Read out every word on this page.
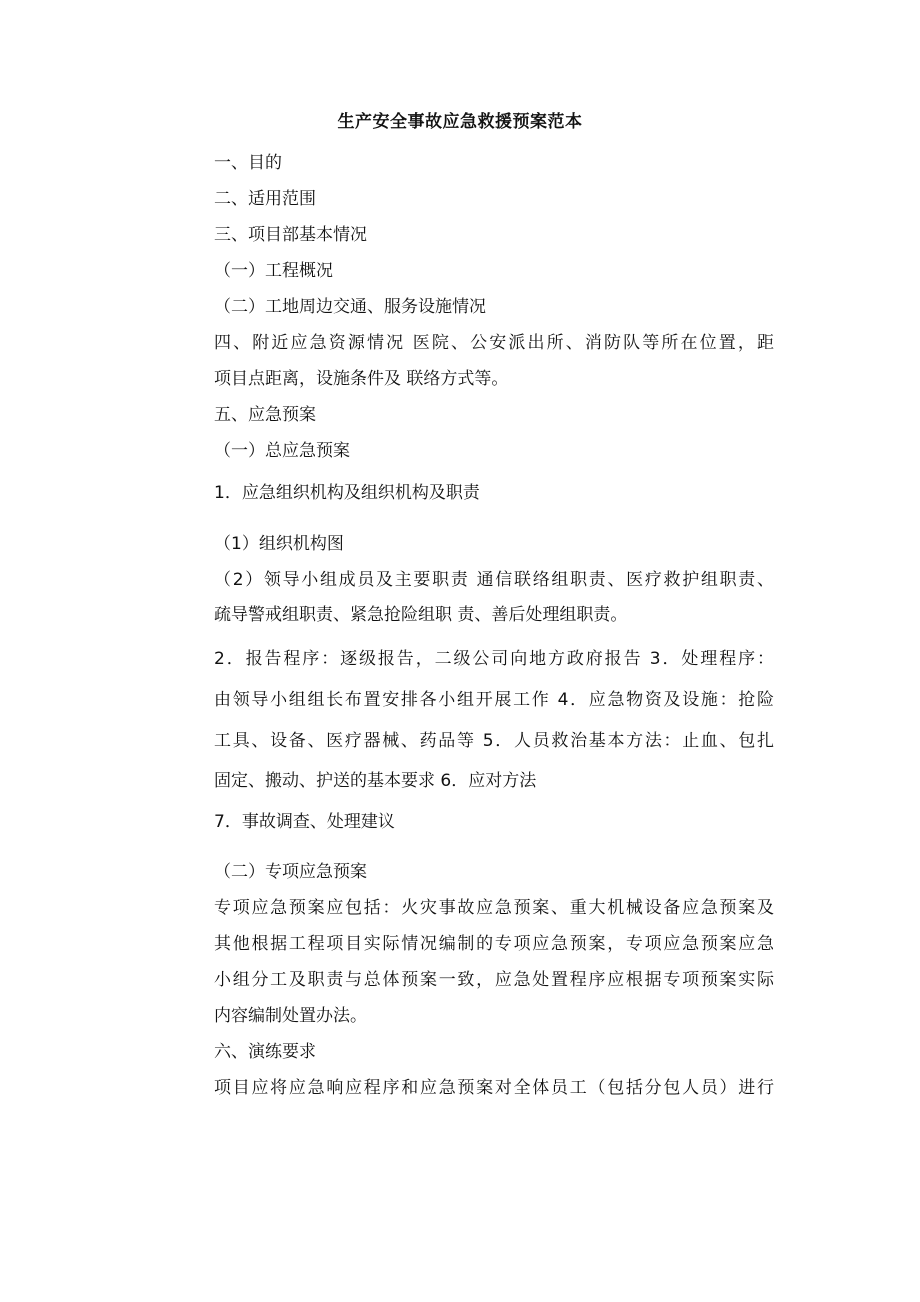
生产安全事故应急救援预案范本
一、目的
二、适用范围
三、项目部基本情况
（一）工程概况
（二）工地周边交通、服务设施情况
四、附近应急资源情况 医院、公安派出所、消防队等所在位置，距
项目点距离，设施条件及 联络方式等。
五、应急预案
（一）总应急预案
1．应急组织机构及组织机构及职责
（1）组织机构图
（2）领导小组成员及主要职责 通信联络组职责、医疗救护组职责、
疏导警戒组职责、紧急抢险组职 责、善后处理组职责。
2．报告程序：逐级报告，二级公司向地方政府报告 3．处理程序：
由领导小组组长布置安排各小组开展工作 4．应急物资及设施：抢险
工具、设备、医疗器械、药品等 5．人员救治基本方法：止血、包扎
固定、搬动、护送的基本要求 6．应对方法
7．事故调查、处理建议
（二）专项应急预案
专项应急预案应包括：火灾事故应急预案、重大机械设备应急预案及
其他根据工程项目实际情况编制的专项应急预案，专项应急预案应急
小组分工及职责与总体预案一致，应急处置程序应根据专项预案实际
内容编制处置办法。
六、演练要求
项目应将应急响应程序和应急预案对全体员工（包括分包人员）进行
